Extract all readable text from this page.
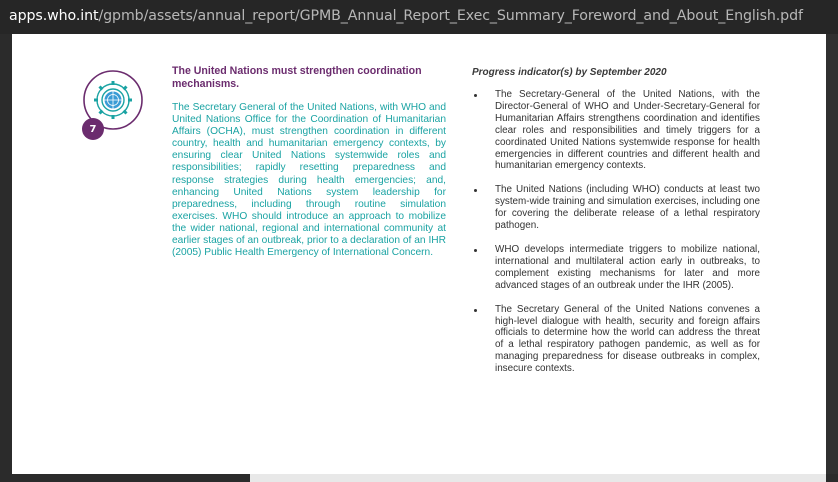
apps.who.int/gpmb/assets/annual_report/GPMB_Annual_Report_Exec_Summary_Foreword_and_About_English.pdf
7
The United Nations must strengthen coordination mechanisms.
The Secretary General of the United Nations, with WHO and United Nations Office for the Coordination of Humanitarian Affairs (OCHA), must strengthen coordination in different country, health and humanitarian emergency contexts, by ensuring clear United Nations systemwide roles and responsibilities; rapidly resetting preparedness and response strategies during health emergencies; and, enhancing United Nations system leadership for preparedness, including through routine simulation exercises. WHO should introduce an approach to mobilize the wider national, regional and international community at earlier stages of an outbreak, prior to a declaration of an IHR (2005) Public Health Emergency of International Concern.
Progress indicator(s) by September 2020
The Secretary-General of the United Nations, with the Director-General of WHO and Under-Secretary-General for Humanitarian Affairs strengthens coordination and identifies clear roles and responsibilities and timely triggers for a coordinated United Nations systemwide response for health emergencies in different countries and different health and humanitarian emergency contexts.
The United Nations (including WHO) conducts at least two system-wide training and simulation exercises, including one for covering the deliberate release of a lethal respiratory pathogen.
WHO develops intermediate triggers to mobilize national, international and multilateral action early in outbreaks, to complement existing mechanisms for later and more advanced stages of an outbreak under the IHR (2005).
The Secretary General of the United Nations convenes a high-level dialogue with health, security and foreign affairs officials to determine how the world can address the threat of a lethal respiratory pathogen pandemic, as well as for managing preparedness for disease outbreaks in complex, insecure contexts.
